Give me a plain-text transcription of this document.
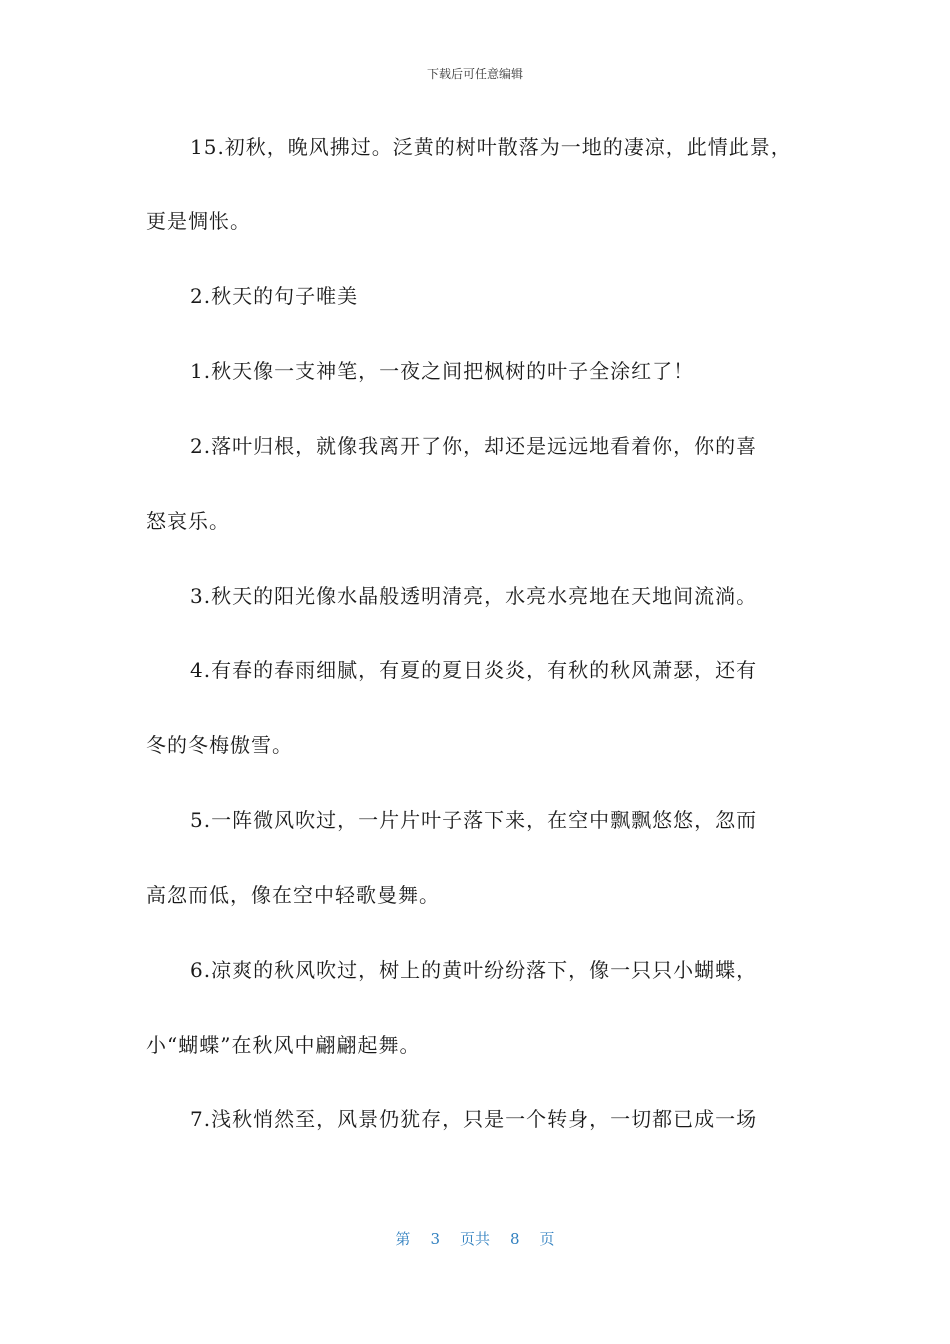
下载后可任意编辑
15.初秋，晚风拂过。泛黄的树叶散落为一地的凄凉，此情此景，
更是惆怅。
2.秋天的句子唯美
1.秋天像一支神笔，一夜之间把枫树的叶子全涂红了！
2.落叶归根，就像我离开了你，却还是远远地看着你，你的喜
怒哀乐。
3.秋天的阳光像水晶般透明清亮，水亮水亮地在天地间流淌。
4.有春的春雨细腻，有夏的夏日炎炎，有秋的秋风萧瑟，还有
冬的冬梅傲雪。
5.一阵微风吹过，一片片叶子落下来，在空中飘飘悠悠，忽而
高忽而低，像在空中轻歌曼舞。
6.凉爽的秋风吹过，树上的黄叶纷纷落下，像一只只小蝴蝶，
小“蝴蝶”在秋风中翩翩起舞。
7.浅秋悄然至，风景仍犹存，只是一个转身，一切都已成一场
第 3 页共 8 页
